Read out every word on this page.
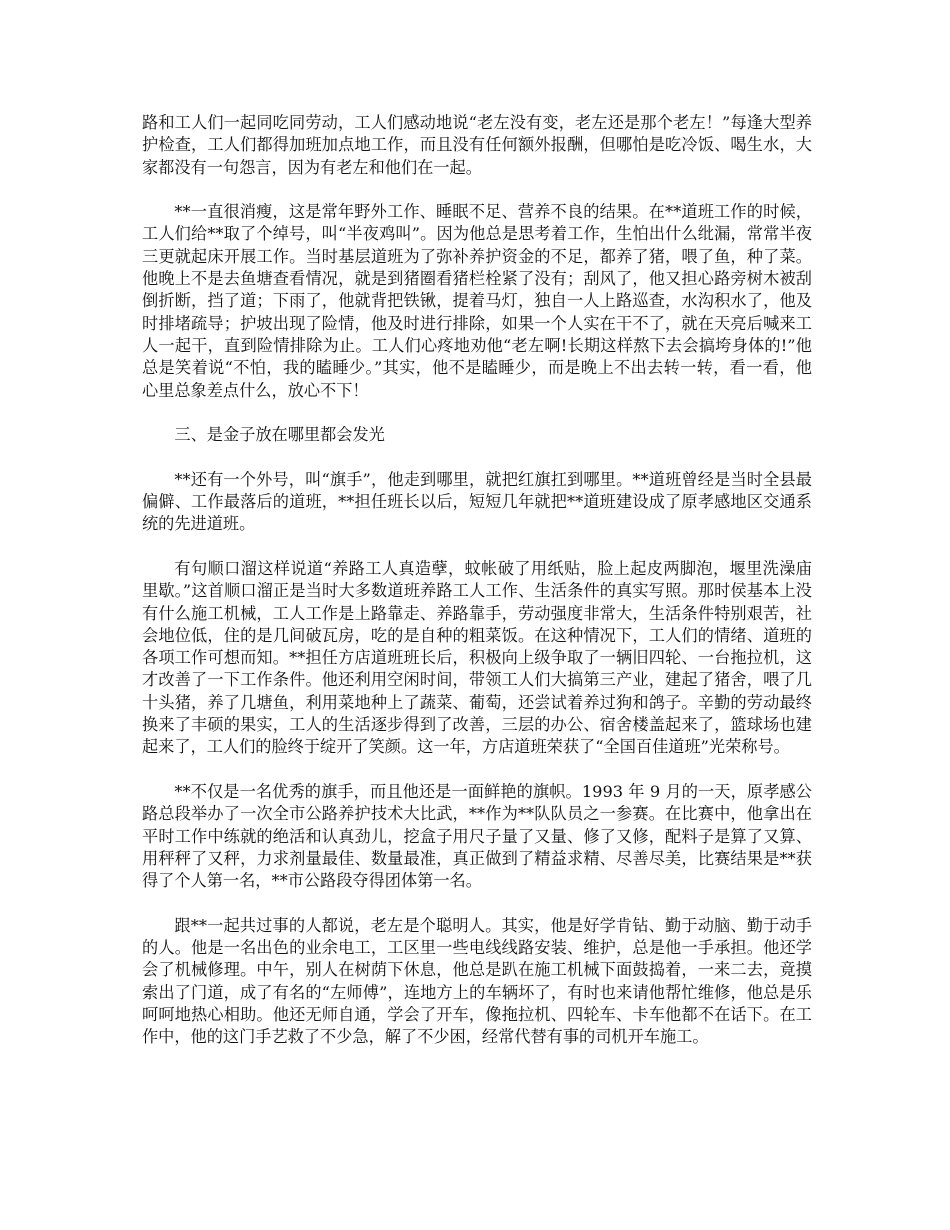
路和工人们一起同吃同劳动，工人们感动地说“老左没有变，老左还是那个老左！”每逢大型养护检查，工人们都得加班加点地工作，而且没有任何额外报酬，但哪怕是吃冷饭、喝生水，大家都没有一句怨言，因为有老左和他们在一起。

**一直很消瘦，这是常年野外工作、睡眠不足、营养不良的结果。在**道班工作的时候，工人们给**取了个绰号，叫“半夜鸡叫”。因为他总是思考着工作，生怕出什么纰漏，常常半夜三更就起床开展工作。当时基层道班为了弥补养护资金的不足，都养了猪，喂了鱼，种了菜。他晚上不是去鱼塘查看情况，就是到猪圈看猪栏栓紧了没有；刮风了，他又担心路旁树木被刮倒折断，挡了道；下雨了，他就背把铁锹，提着马灯，独自一人上路巡查，水沟积水了，他及时排堵疏导；护坡出现了险情，他及时进行排除，如果一个人实在干不了，就在天亮后喊来工人一起干，直到险情排除为止。工人们心疼地劝他“老左啊!长期这样熬下去会搞垮身体的!”他总是笑着说“不怕，我的瞌睡少。”其实，他不是瞌睡少，而是晚上不出去转一转，看一看，他心里总象差点什么，放心不下！

三、是金子放在哪里都会发光

**还有一个外号，叫“旗手”，他走到哪里，就把红旗扛到哪里。**道班曾经是当时全县最偏僻、工作最落后的道班，**担任班长以后，短短几年就把**道班建设成了原孝感地区交通系统的先进道班。

有句顺口溜这样说道“养路工人真造孽，蚊帐破了用纸贴，脸上起皮两脚泡，堰里洗澡庙里歇。”这首顺口溜正是当时大多数道班养路工人工作、生活条件的真实写照。那时侯基本上没有什么施工机械，工人工作是上路靠走、养路靠手，劳动强度非常大，生活条件特别艰苦，社会地位低，住的是几间破瓦房，吃的是自种的粗菜饭。在这种情况下，工人们的情绪、道班的各项工作可想而知。**担任方店道班班长后，积极向上级争取了一辆旧四轮、一台拖拉机，这才改善了一下工作条件。他还利用空闲时间，带领工人们大搞第三产业，建起了猪舍，喂了几十头猪，养了几塘鱼，利用菜地种上了蔬菜、葡萄，还尝试着养过狗和鸽子。辛勤的劳动最终换来了丰硕的果实，工人的生活逐步得到了改善，三层的办公、宿舍楼盖起来了，篮球场也建起来了，工人们的脸终于绽开了笑颜。这一年，方店道班荣获了“全国百佳道班”光荣称号。

**不仅是一名优秀的旗手，而且他还是一面鲜艳的旗帜。1993 年 9 月的一天，原孝感公路总段举办了一次全市公路养护技术大比武，**作为**队队员之一参赛。在比赛中，他拿出在平时工作中练就的绝活和认真劲儿，挖盒子用尺子量了又量、修了又修，配料子是算了又算、用秤秤了又秤，力求剂量最佳、数量最准，真正做到了精益求精、尽善尽美，比赛结果是**获得了个人第一名，**市公路段夺得团体第一名。

跟**一起共过事的人都说，老左是个聪明人。其实，他是好学肯钻、勤于动脑、勤于动手的人。他是一名出色的业余电工，工区里一些电线线路安装、维护，总是他一手承担。他还学会了机械修理。中午，别人在树荫下休息，他总是趴在施工机械下面鼓捣着，一来二去，竟摸索出了门道，成了有名的“左师傅”，连地方上的车辆坏了，有时也来请他帮忙维修，他总是乐呵呵地热心相助。他还无师自通，学会了开车，像拖拉机、四轮车、卡车他都不在话下。在工作中，他的这门手艺救了不少急，解了不少困，经常代替有事的司机开车施工。
